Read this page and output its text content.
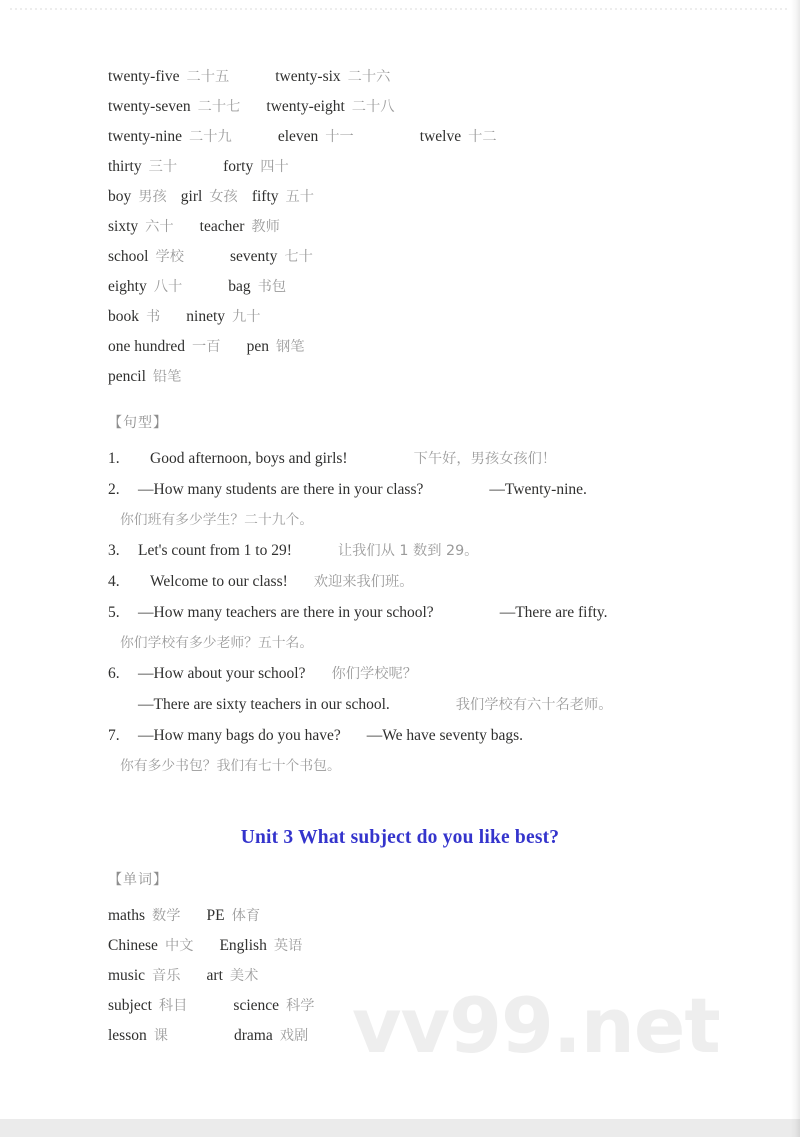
twenty-five 二十五	twenty-six 二十六
twenty-seven 二十七 twenty-eight 二十八
twenty-nine 二十九	eleven 十一	twelve 十二
thirty 三十	forty 四十
boy 男孩 girl 女孩 fifty 五十
sixty 六十 teacher 教师
school 学校	seventy 七十
eighty 八十	bag 书包
book 书 ninety 九十
one hundred 一百 pen 钢笔
pencil 铅笔
【句型】
1. Good afternoon, boys and girls!	下午好，男孩女孩们！
2. —How many students are there in your class?	—Twenty-nine.
你们班有多少学生？二十九个。
3. Let's count from 1 to 29!	让我们从 1 数到 29。
4. Welcome to our class! 欢迎来我们班。
5. —How many teachers are there in your school?	—There are fifty.
你们学校有多少老师？五十名。
6. —How about your school? 你们学校呢？
—There are sixty teachers in our school.	我们学校有六十名老师。
7. —How many bags do you have? —We have seventy bags.
你有多少书包？我们有七十个书包。
Unit 3 What subject do you like best?
【单词】
maths 数学 PE 体育
Chinese 中文 English 英语
music 音乐 art 美术
subject 科目	science 科学
lesson 课	drama 戏剧 vv99.net
